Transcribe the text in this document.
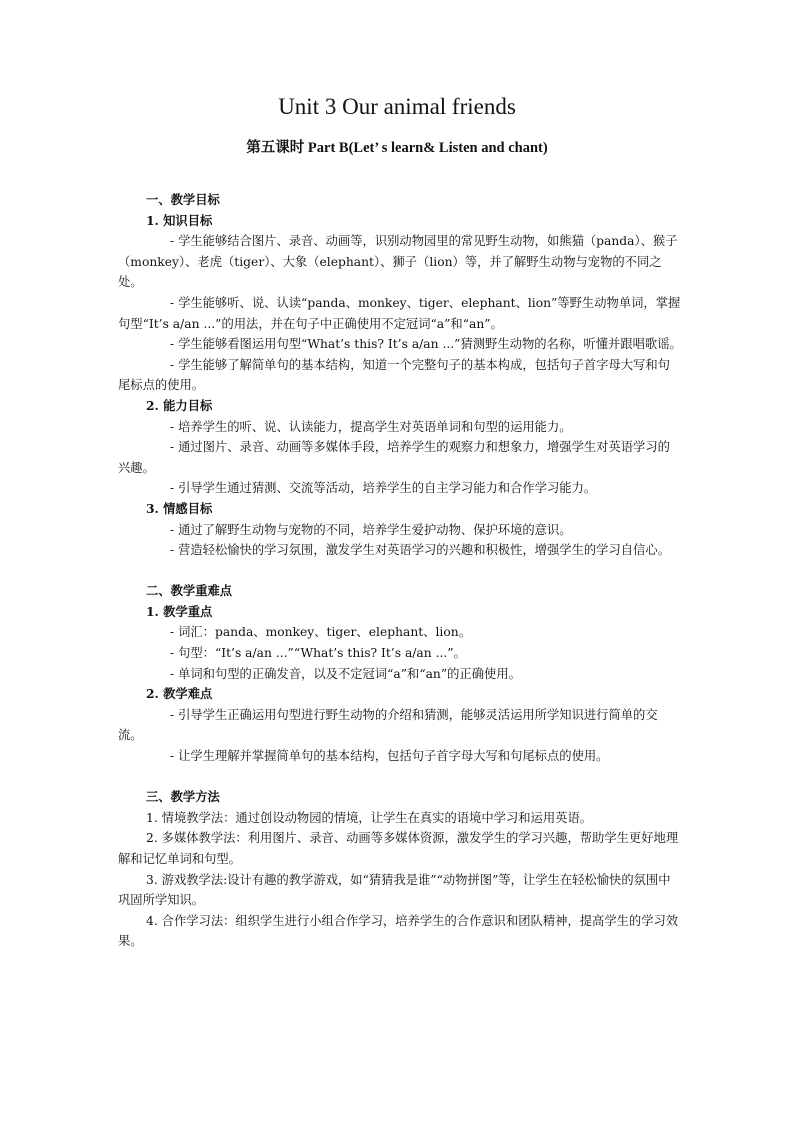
Unit 3 Our animal friends
第五课时 Part B(Let’ s learn& Listen and chant)

一、教学目标

1. 知识目标

- 学生能够结合图片、录音、动画等，识别动物园里的常见野生动物，如熊猫（panda）、猴子（monkey）、老虎（tiger）、大象（elephant）、狮子（lion）等，并了解野生动物与宠物的不同之处。

- 学生能够听、说、认读“panda、monkey、tiger、elephant、lion”等野生动物单词，掌握句型“It’s a/an ...”的用法，并在句子中正确使用不定冠词“a”和“an”。

- 学生能够看图运用句型“What’s this? It’s a/an ...”猜测野生动物的名称，听懂并跟唱歌谣。

- 学生能够了解简单句的基本结构，知道一个完整句子的基本构成，包括句子首字母大写和句尾标点的使用。

2. 能力目标

- 培养学生的听、说、认读能力，提高学生对英语单词和句型的运用能力。

- 通过图片、录音、动画等多媒体手段，培养学生的观察力和想象力，增强学生对英语学习的兴趣。

- 引导学生通过猜测、交流等活动，培养学生的自主学习能力和合作学习能力。

3. 情感目标

- 通过了解野生动物与宠物的不同，培养学生爱护动物、保护环境的意识。

- 营造轻松愉快的学习氛围，激发学生对英语学习的兴趣和积极性，增强学生的学习自信心。

二、教学重难点

1. 教学重点

- 词汇：panda、monkey、tiger、elephant、lion。

- 句型：“It’s a/an ...”“What’s this? It’s a/an ...”。

- 单词和句型的正确发音，以及不定冠词“a”和“an”的正确使用。

2. 教学难点

- 引导学生正确运用句型进行野生动物的介绍和猜测，能够灵活运用所学知识进行简单的交流。

- 让学生理解并掌握简单句的基本结构，包括句子首字母大写和句尾标点的使用。

三、教学方法

1. 情境教学法：通过创设动物园的情境，让学生在真实的语境中学习和运用英语。

2. 多媒体教学法：利用图片、录音、动画等多媒体资源，激发学生的学习兴趣，帮助学生更好地理解和记忆单词和句型。

3. 游戏教学法:设计有趣的教学游戏，如“猜猜我是谁”“动物拼图”等，让学生在轻松愉快的氛围中巩固所学知识。

4. 合作学习法：组织学生进行小组合作学习，培养学生的合作意识和团队精神，提高学生的学习效果。
